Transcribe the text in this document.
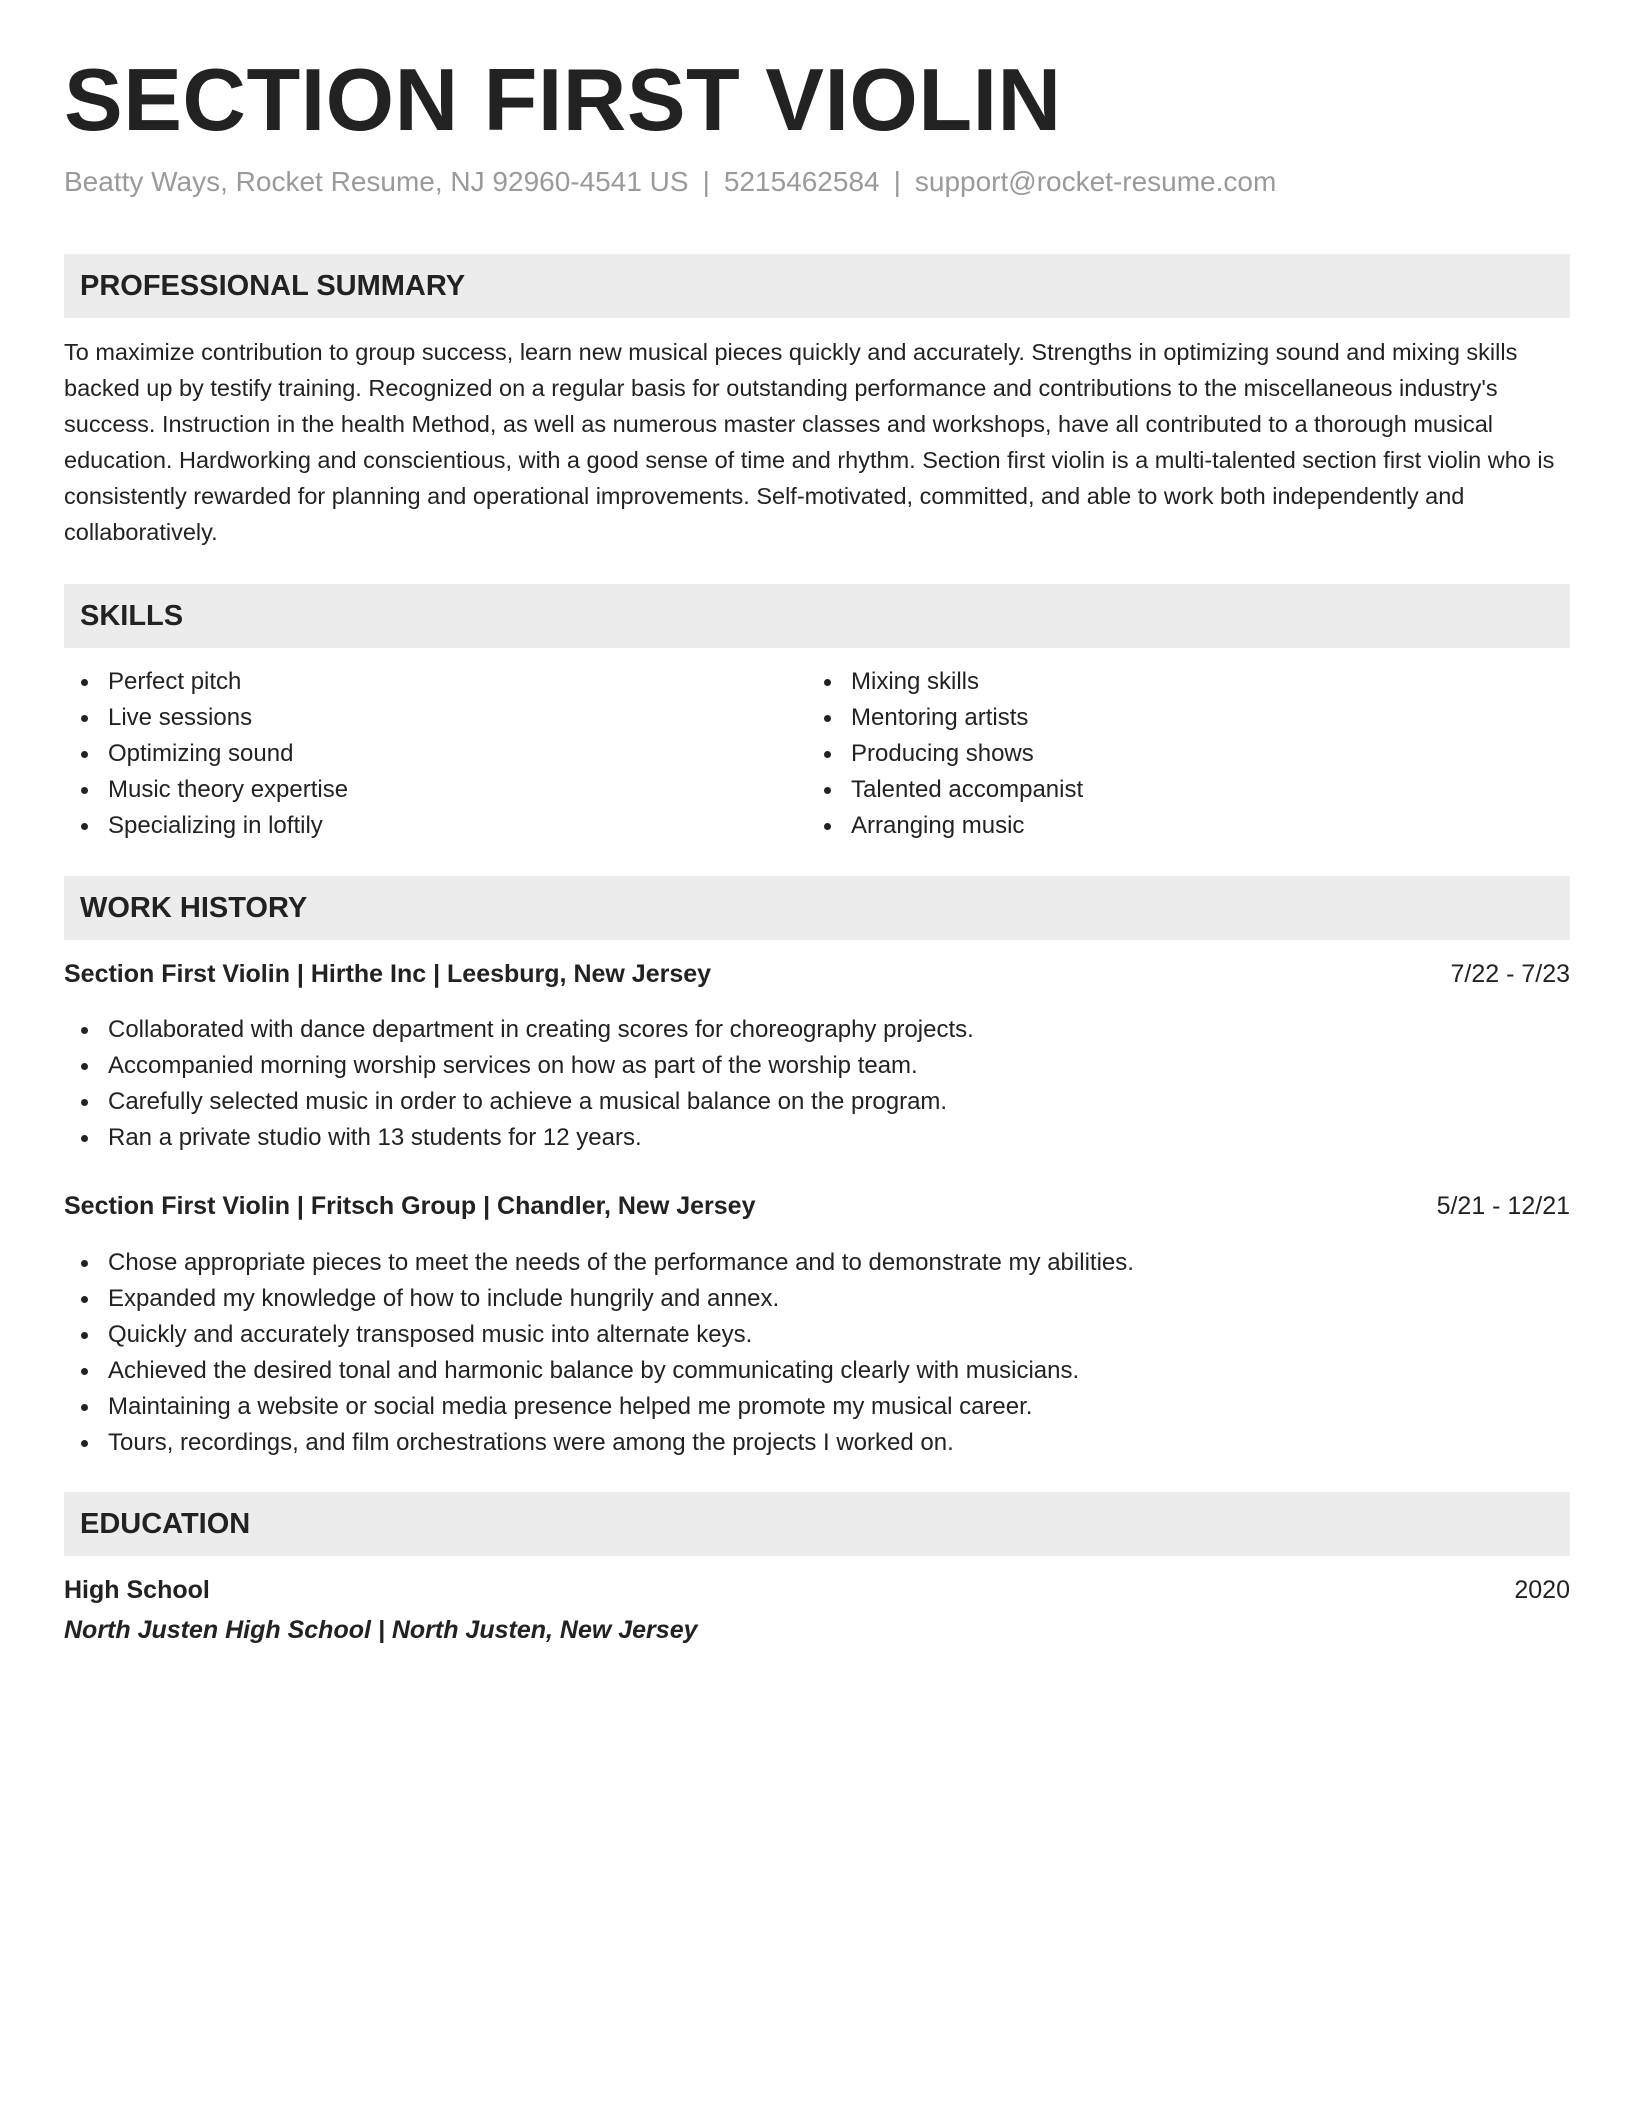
SECTION FIRST VIOLIN
Beatty Ways, Rocket Resume, NJ 92960-4541 US | 5215462584 | support@rocket-resume.com
PROFESSIONAL SUMMARY

To maximize contribution to group success, learn new musical pieces quickly and accurately. Strengths in optimizing sound and mixing skills backed up by testify training. Recognized on a regular basis for outstanding performance and contributions to the miscellaneous industry's success. Instruction in the health Method, as well as numerous master classes and workshops, have all contributed to a thorough musical education. Hardworking and conscientious, with a good sense of time and rhythm. Section first violin is a multi-talented section first violin who is consistently rewarded for planning and operational improvements. Self-motivated, committed, and able to work both independently and collaboratively.

SKILLS
Perfect pitch
Live sessions
Optimizing sound
Music theory expertise
Specializing in loftily
Mixing skills
Mentoring artists
Producing shows
Talented accompanist
Arranging music
WORK HISTORY
Section First Violin | Hirthe Inc | Leesburg, New Jersey	7/22 - 7/23
Collaborated with dance department in creating scores for choreography projects.
Accompanied morning worship services on how as part of the worship team.
Carefully selected music in order to achieve a musical balance on the program.
Ran a private studio with 13 students for 12 years.
Section First Violin | Fritsch Group | Chandler, New Jersey	5/21 - 12/21
Chose appropriate pieces to meet the needs of the performance and to demonstrate my abilities.
Expanded my knowledge of how to include hungrily and annex.
Quickly and accurately transposed music into alternate keys.
Achieved the desired tonal and harmonic balance by communicating clearly with musicians.
Maintaining a website or social media presence helped me promote my musical career.
Tours, recordings, and film orchestrations were among the projects I worked on.
EDUCATION
High School	2020
North Justen High School | North Justen, New Jersey
